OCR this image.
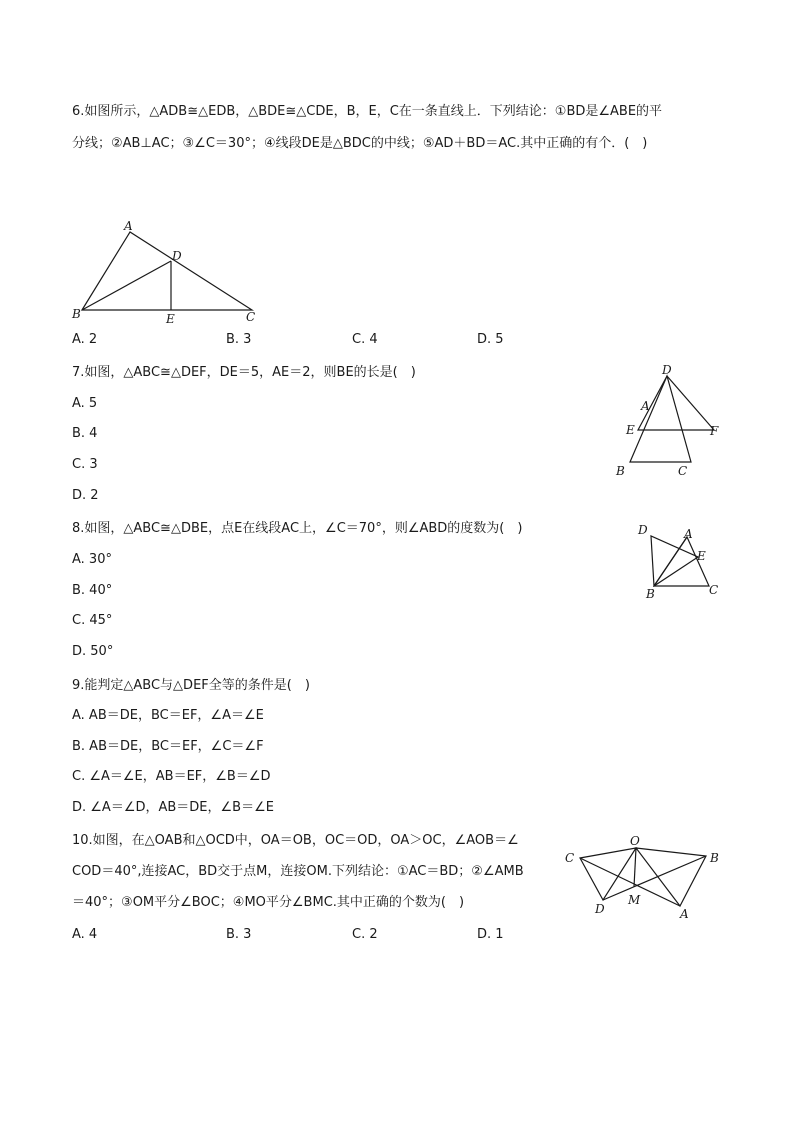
6.如图所示，△ADB≅△EDB，△BDE≅△CDE，B，E，C在一条直线上．下列结论：①BD是∠ABE的平
分线；②AB⊥AC；③∠C＝30°；④线段DE是△BDC的中线；⑤AD＋BD＝AC.其中正确的有个．(　)
A
D
B	E	C
A. 2	B. 3	C. 4	D. 5
7.如图，△ABC≅△DEF，DE＝5，AE＝2，则BE的长是(　)
A. 5
B. 4
C. 3
D. 2
D
A
E	F
B	C
8.如图，△ABC≅△DBE，点E在线段AC上，∠C＝70°，则∠ABD的度数为(　)
A. 30°
B. 40°
C. 45°
D. 50°
D	A
E
B	C
9.能判定△ABC与△DEF全等的条件是(　)
A. AB＝DE，BC＝EF，∠A＝∠E
B. AB＝DE，BC＝EF，∠C＝∠F
C. ∠A＝∠E，AB＝EF，∠B＝∠D
D. ∠A＝∠D，AB＝DE，∠B＝∠E
10.如图，在△OAB和△OCD中，OA＝OB，OC＝OD，OA＞OC，∠AOB＝∠
COD＝40°,连接AC，BD交于点M，连接OM.下列结论：①AC＝BD；②∠AMB
＝40°；③OM平分∠BOC；④MO平分∠BMC.其中正确的个数为(　)
O
C	B
D
M
A
A. 4	B. 3	C. 2	D. 1
